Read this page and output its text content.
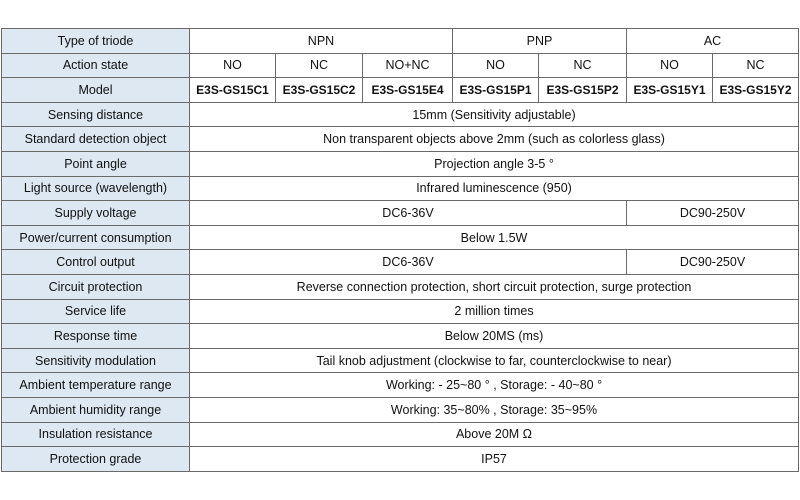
Type of triode	NPN			PNP		AC	
Action state	NO	NC	NO+NC	NO	NC	NO	NC
Model	E3S-GS15C1	E3S-GS15C2	E3S-GS15E4	E3S-GS15P1	E3S-GS15P2	E3S-GS15Y1	E3S-GS15Y2
Sensing distance	15mm (Sensitivity adjustable)						
Standard detection object	Non transparent objects above 2mm (such as colorless glass)						
Point angle	Projection angle 3-5 °						
Light source (wavelength)	Infrared luminescence (950)						
Supply voltage	DC6-36V					DC90-250V	
Power/current consumption	Below 1.5W						
Control output	DC6-36V					DC90-250V	
Circuit protection	Reverse connection protection, short circuit protection, surge protection						
Service life	2 million times						
Response time	Below 20MS (ms)						
Sensitivity modulation	Tail knob adjustment (clockwise to far, counterclockwise to near)						
Ambient temperature range	Working: - 25~80 ° , Storage: - 40~80 °						
Ambient humidity range	Working: 35~80% , Storage: 35~95%						
Insulation resistance	Above 20M Ω						
Protection grade	IP57						
